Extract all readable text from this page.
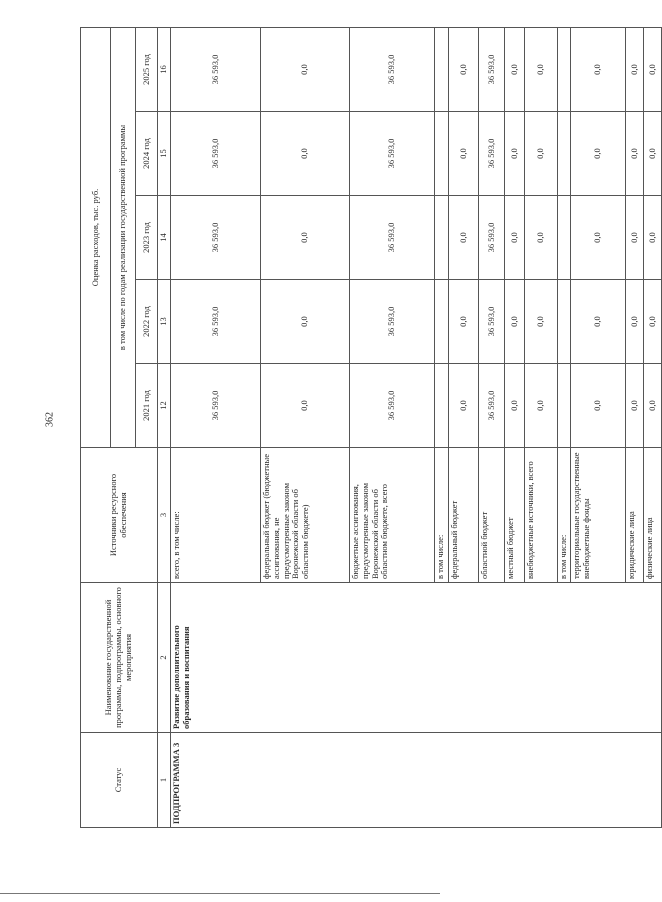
362
Статус	Наименование государственной программы, подпрограммы, основного мероприятия	Источники ресурсного обеспечения	Оценка расходов, тыс. руб.				
			в том числе по годам реализации государственной программы				
			2021 год	2022 год	2023 год	2024 год	2025 год
1	2	3	12	13	14	15	16
ПОДПРОГРАММА 3	Развитие дополнительного образования и воспитания	всего, в том числе:	36 593,0	36 593,0	36 593,0	36 593,0	36 593,0
		федеральный бюджет (бюджетные ассигнования, не предусмотренные законом Воронежской области об областном бюджете)	0,0	0,0	0,0	0,0	0,0
		бюджетные ассигнования, предусмотренные законом Воронежской области об областном бюджете, всего	36 593,0	36 593,0	36 593,0	36 593,0	36 593,0
		в том числе:					
		федеральный бюджет	0,0	0,0	0,0	0,0	0,0
		областной бюджет	36 593,0	36 593,0	36 593,0	36 593,0	36 593,0
		местный бюджет	0,0	0,0	0,0	0,0	0,0
		внебюджетные источники, всего	0,0	0,0	0,0	0,0	0,0
		в том числе:					
		территориальные государственные внебюджетные фонды	0,0	0,0	0,0	0,0	0,0
		юридические лица	0,0	0,0	0,0	0,0	0,0
		физические лица	0,0	0,0	0,0	0,0	0,0
